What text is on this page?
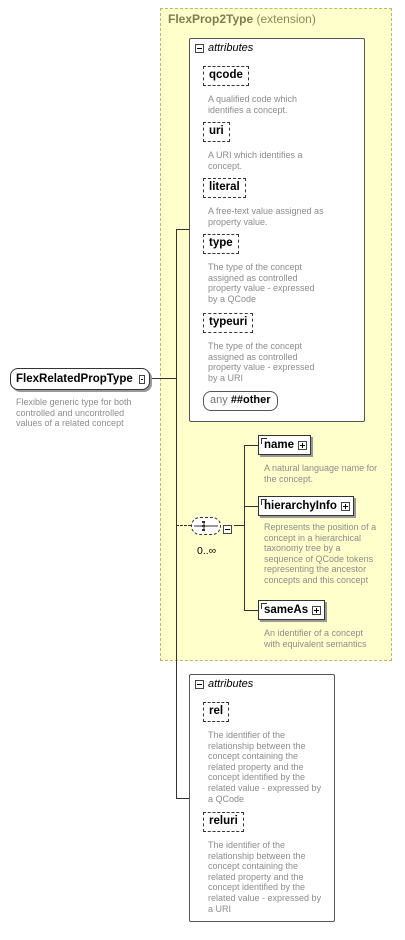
FlexProp2Type (extension)
FlexRelatedPropType
Flexible generic type for both
controlled and uncontrolled
values of a related concept
attributes
qcode
A qualified code which
identifies a concept.
uri
A URI which identifies a
concept.
literal
A free-text value assigned as
property value.
type
The type of the concept
assigned as controlled
property value - expressed
by a QCode
typeuri
The type of the concept
assigned as controlled
property value - expressed
by a URI
any ##other
0..∞
name
A natural language name for
the concept.
hierarchyInfo
Represents the position of a
concept in a hierarchical
taxonomy tree by a
sequence of QCode tokens
representing the ancestor
concepts and this concept
sameAs
An identifier of a concept
with equivalent semantics
attributes
rel
The identifier of the
relationship between the
concept containing the
related property and the
concept identified by the
related value - expressed by
a QCode
reluri
The identifier of the
relationship between the
concept containing the
related property and the
concept identified by the
related value - expressed by
a URI
